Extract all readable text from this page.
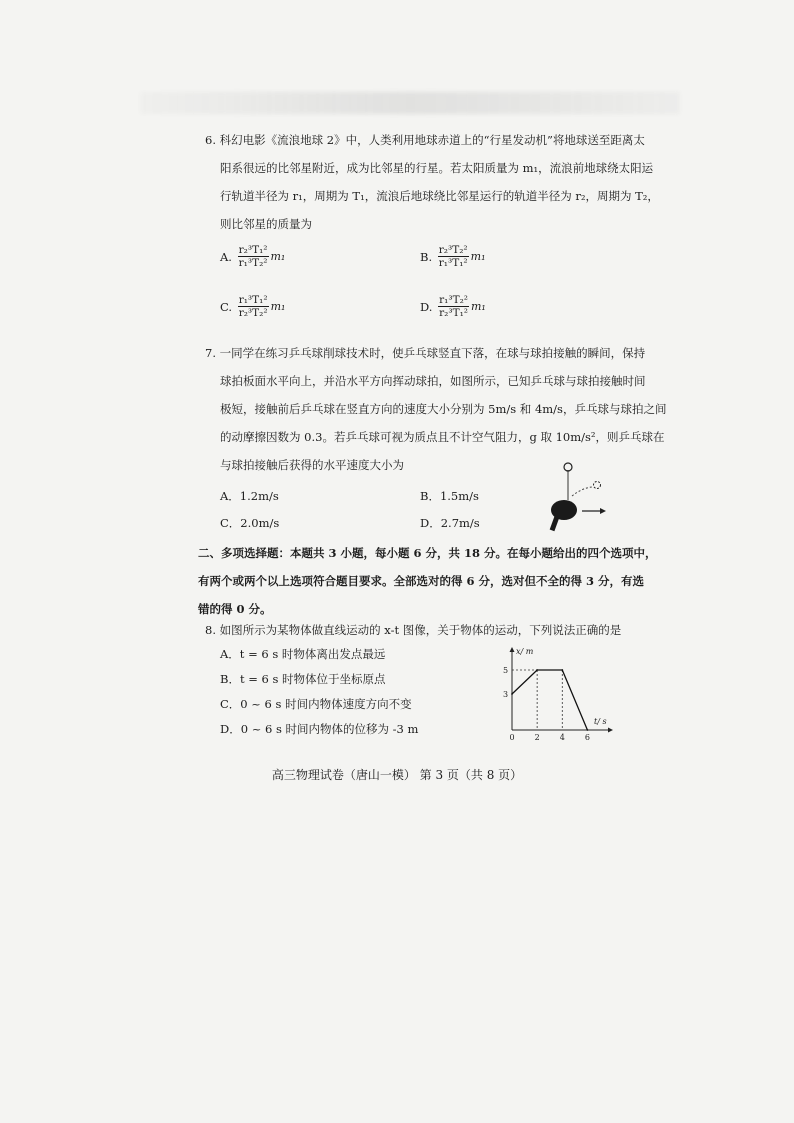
6. 科幻电影《流浪地球 2》中，人类利用地球赤道上的“行星发动机”将地球送至距离太
阳系很远的比邻星附近，成为比邻星的行星。若太阳质量为 m₁，流浪前地球绕太阳运
行轨道半径为 r₁，周期为 T₁，流浪后地球绕比邻星运行的轨道半径为 r₂，周期为 T₂，
则比邻星的质量为
A. $\frac{\text{r₂³T₁²}}{\text{r₁³T₂²}} m_1$	B. $\frac{\text{r₂³T₂²}}{\text{r₁³T₁²}} m_1$
C. $\frac{\text{r₁³T₁²}}{\text{r₂³T₂²}} m_1$	D. $\frac{\text{r₁³T₂²}}{\text{r₂³T₁²}} m_1$
7. 一同学在练习乒乓球削球技术时，使乒乓球竖直下落，在球与球拍接触的瞬间，保持
球拍板面水平向上，并沿水平方向挥动球拍，如图所示，已知乒乓球与球拍接触时间
极短，接触前后乒乓球在竖直方向的速度大小分别为 5m/s 和 4m/s，乒乓球与球拍之间
的动摩擦因数为 0.3。若乒乓球可视为质点且不计空气阻力，g 取 10m/s²，则乒乓球在
与球拍接触后获得的水平速度大小为
A．1.2m/s	B．1.5m/s
C．2.0m/s	D．2.7m/s
二、多项选择题：本题共 3 小题，每小题 6 分，共 18 分。在每小题给出的四个选项中，
有两个或两个以上选项符合题目要求。全部选对的得 6 分，选对但不全的得 3 分，有选
错的得 0 分。
8. 如图所示为某物体做直线运动的 x-t 图像，关于物体的运动，下列说法正确的是
A．t = 6 s 时物体离出发点最远
B．t = 6 s 时物体位于坐标原点
C．0 ~ 6 s 时间内物体速度方向不变
D．0 ~ 6 s 时间内物体的位移为 -3 m
x/ m
t/ s
0	2	4	6
3
5
高三物理试卷（唐山一模） 第 3 页（共 8 页）
